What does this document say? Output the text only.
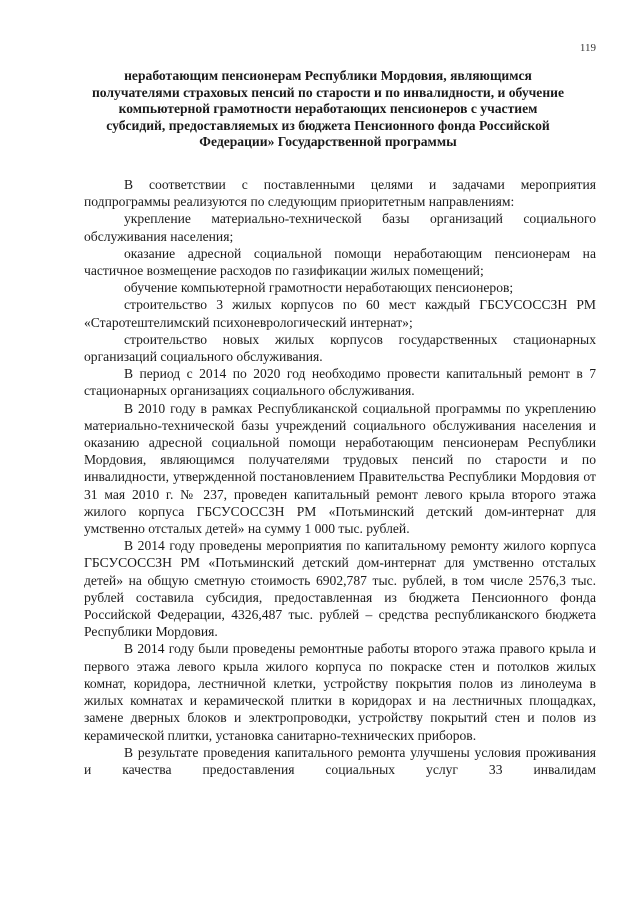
119
неработающим пенсионерам Республики Мордовия, являющимся получателями страховых пенсий по старости и по инвалидности, и обучение компьютерной грамотности неработающих пенсионеров с участием субсидий, предоставляемых из бюджета Пенсионного фонда Российской Федерации» Государственной программы

В соответствии с поставленными целями и задачами мероприятия подпрограммы реализуются по следующим приоритетным направлениям:

укрепление материально-технической базы организаций социального обслуживания населения;

оказание адресной социальной помощи неработающим пенсионерам на частичное возмещение расходов по газификации жилых помещений;

обучение компьютерной грамотности неработающих пенсионеров;

строительство 3 жилых корпусов по 60 мест каждый ГБСУСОССЗН РМ «Старотештелимский психоневрологический интернат»;

строительство новых жилых корпусов государственных стационарных организаций социального обслуживания.

В период с 2014 по 2020 год необходимо провести капитальный ремонт в 7 стационарных организациях социального обслуживания.

В 2010 году в рамках Республиканской социальной программы по укреплению материально-технической базы учреждений социального обслуживания населения и оказанию адресной социальной помощи неработающим пенсионерам Республики Мордовия, являющимся получателями трудовых пенсий по старости и по инвалидности, утвержденной постановлением Правительства Республики Мордовия от 31 мая 2010 г. № 237, проведен капитальный ремонт левого крыла второго этажа жилого корпуса ГБСУСОССЗН РМ «Потьминский детский дом-интернат для умственно отсталых детей» на сумму 1 000 тыс. рублей.

В 2014 году проведены мероприятия по капитальному ремонту жилого корпуса ГБСУСОССЗН РМ «Потьминский детский дом-интернат для умственно отсталых детей» на общую сметную стоимость 6902,787 тыс. рублей, в том числе 2576,3 тыс. рублей составила субсидия, предоставленная из бюджета Пенсионного фонда Российской Федерации, 4326,487 тыс. рублей – средства республиканского бюджета Республики Мордовия.

В 2014 году были проведены ремонтные работы второго этажа правого крыла и первого этажа левого крыла жилого корпуса по покраске стен и потолков жилых комнат, коридора, лестничной клетки, устройству покрытия полов из линолеума в жилых комнатах и керамической плитки в коридорах и на лестничных площадках, замене дверных блоков и электропроводки, устройству покрытий стен и полов из керамической плитки, установка санитарно-технических приборов.

В результате проведения капитального ремонта улучшены условия проживания и качества предоставления социальных услуг 33 инвалидам
